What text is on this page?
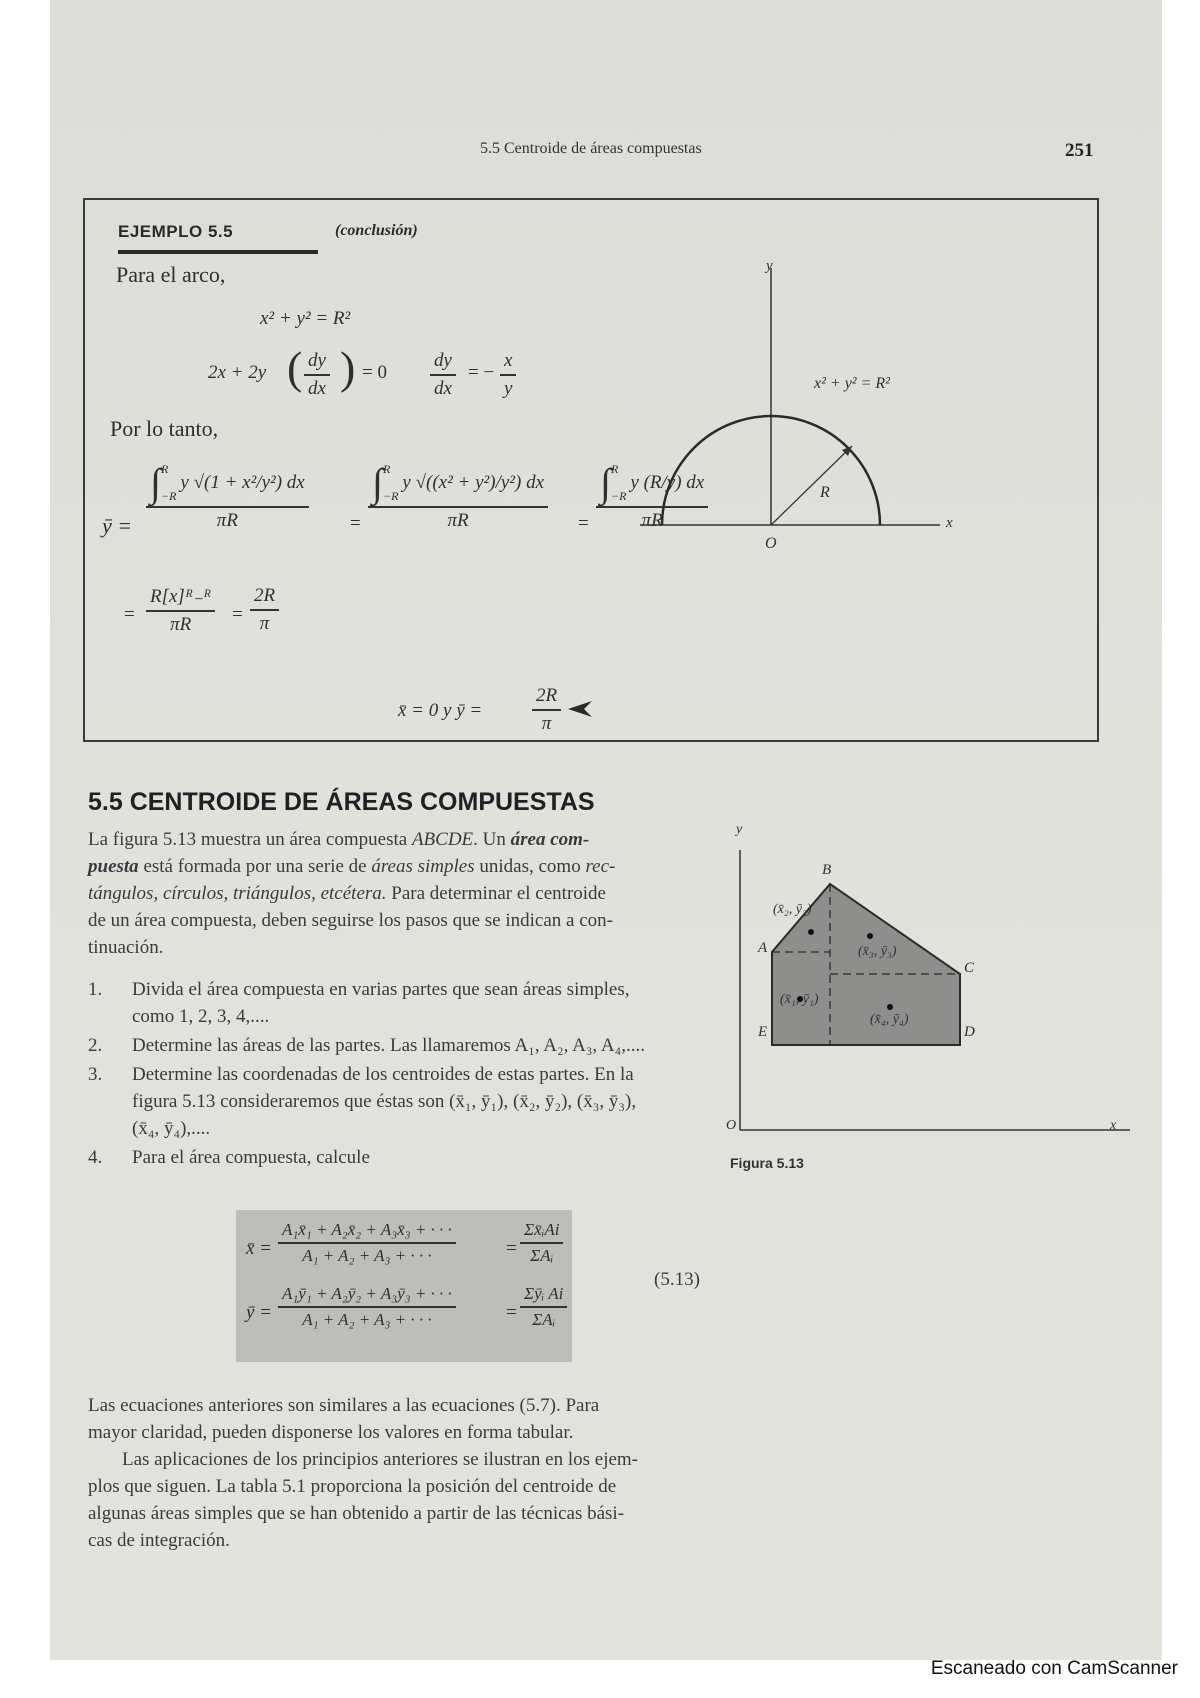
5.5 Centroide de áreas compuestas	251
EJEMPLO 5.5	(conclusión)
Para el arco,
x² + y² = R²
2x + 2y ( dy
dx ) = 0
dy
dx
= −
x
y
Por lo tanto,
ȳ =
∫ R
−R
y √(1 + x²/y²) dx
πR	=
∫ R
−R
y √((x² + y²)/y²) dx
πR	=
∫ R
−R
y (R/y) dx
πR
=
R[x]ᴿ₋ᴿ
πR =
2R
π
x̄ = 0 y ȳ =
2R
π
y
x
O
R
x² + y² = R²
5.5 CENTROIDE DE ÁREAS COMPUESTAS
La figura 5.13 muestra un área compuesta ABCDE. Un área com-
puesta está formada por una serie de áreas simples unidas, como rec-
tángulos, círculos, triángulos, etcétera. Para determinar el centroide
de un área compuesta, deben seguirse los pasos que se indican a con-
tinuación.
1.	Divida el área compuesta en varias partes que sean áreas simples,
como 1, 2, 3, 4,....
2.	Determine las áreas de las partes. Las llamaremos A₁, A₂, A₃, A₄,....
3.	Determine las coordenadas de los centroides de estas partes. En la
figura 5.13 consideraremos que éstas son (x̄₁, ȳ₁), (x̄₂, ȳ₂), (x̄₃, ȳ₃),
(x̄₄, ȳ₄),....
4.	Para el área compuesta, calcule
x̄ =
A₁x̄₁ + A₂x̄₂ + A₃x̄₃ + · · ·
A₁ + A₂ + A₃ + · · ·	=
Σx̄ᵢAi
ΣAᵢ
ȳ =
A₁ȳ₁ + A₂ȳ₂ + A₃ȳ₃ + · · ·
A₁ + A₂ + A₃ + · · ·	=
Σȳᵢ Ai
ΣAᵢ
(5.13)
Las ecuaciones anteriores son similares a las ecuaciones (5.7). Para
mayor claridad, pueden disponerse los valores en forma tabular.
Las aplicaciones de los principios anteriores se ilustran en los ejem-
plos que siguen. La tabla 5.1 proporciona la posición del centroide de
algunas áreas simples que se han obtenido a partir de las técnicas bási-
cas de integración.
y
x
O
A
B
C
D
E
(x̄₂, ȳ₂)
(x̄₃, ȳ₃)
(x̄₁, ȳ₁)
(x̄₄, ȳ₄)
Figura 5.13
Escaneado con CamScanner
